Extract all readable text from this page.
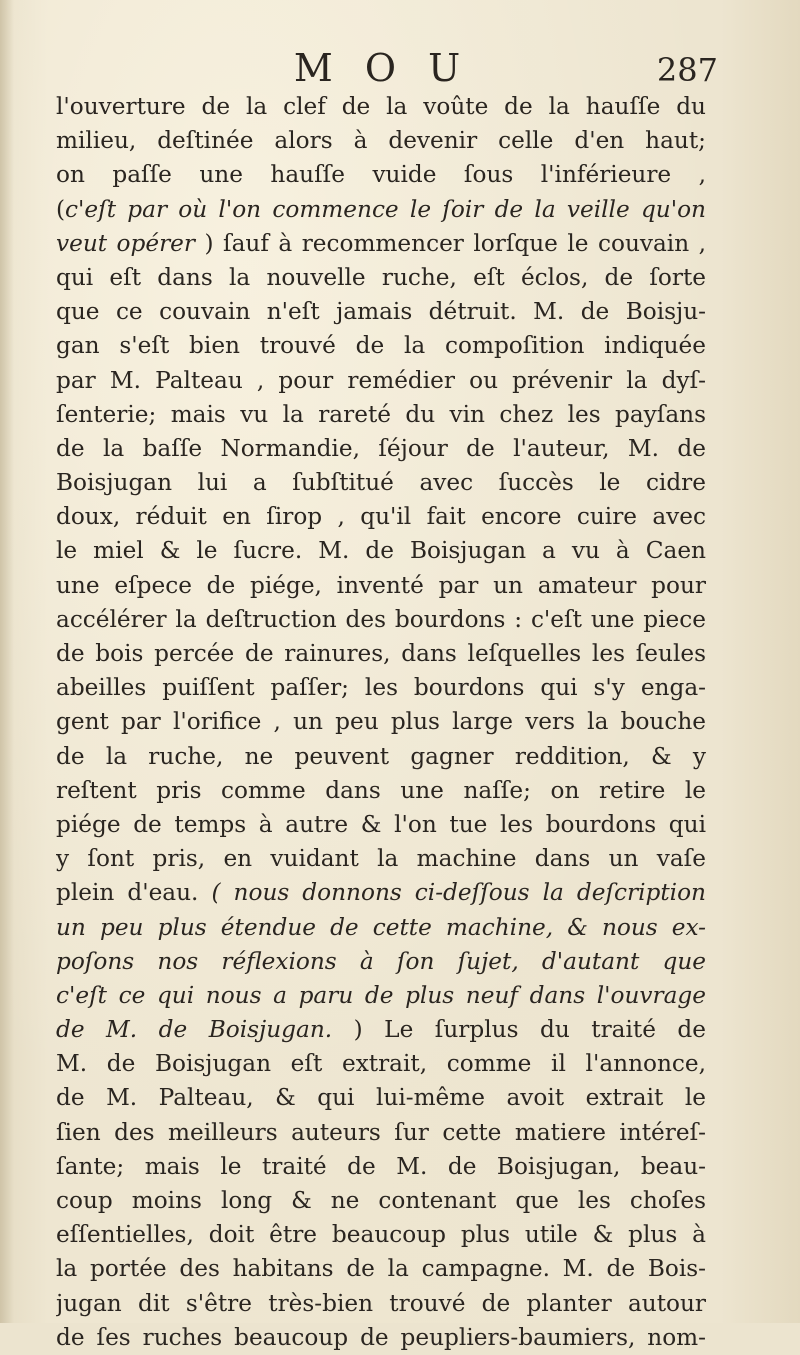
M O U	287
l'ouverture de la clef de la voûte de la hauſſe du
milieu, deſtinée alors à devenir celle d'en haut;
on paſſe une hauſſe vuide ſous l'inférieure ,
(c'eſt par où l'on commence le ſoir de la veille qu'on
veut opérer ) ſauf à recommencer lorſque le couvain ,
qui eſt dans la nouvelle ruche, eſt éclos, de ſorte
que ce couvain n'eſt jamais détruit. M. de Boisju-
gan s'eſt bien trouvé de la compoſition indiquée
par M. Palteau , pour remédier ou prévenir la dyſ-
ſenterie; mais vu la rareté du vin chez les payſans
de la baſſe Normandie, ſéjour de l'auteur, M. de
Boisjugan lui a ſubſtitué avec ſuccès le cidre
doux, réduit en ſirop , qu'il fait encore cuire avec
le miel & le ſucre. M. de Boisjugan a vu à Caen
une eſpece de piége, inventé par un amateur pour
accélérer la deſtruction des bourdons : c'eſt une piece
de bois percée de rainures, dans leſquelles les ſeules
abeilles puiſſent paſſer; les bourdons qui s'y enga-
gent par l'orifice , un peu plus large vers la bouche
de la ruche, ne peuvent gagner reddition, & y
reſtent pris comme dans une naſſe; on retire le
piége de temps à autre & l'on tue les bourdons qui
y ſont pris, en vuidant la machine dans un vaſe
plein d'eau. ( nous donnons ci-deſſous la deſcription
un peu plus étendue de cette machine, & nous ex-
poſons nos réflexions à ſon ſujet, d'autant que
c'eſt ce qui nous a paru de plus neuf dans l'ouvrage
de M. de Boisjugan. ) Le ſurplus du traité de
M. de Boisjugan eſt extrait, comme il l'annonce,
de M. Palteau, & qui lui-même avoit extrait le
ſien des meilleurs auteurs ſur cette matiere intéreſ-
ſante; mais le traité de M. de Boisjugan, beau-
coup moins long & ne contenant que les choſes
eſſentielles, doit être beaucoup plus utile & plus à
la portée des habitans de la campagne. M. de Bois-
jugan dit s'être très-bien trouvé de planter autour
de ſes ruches beaucoup de peupliers-baumiers, nom-
